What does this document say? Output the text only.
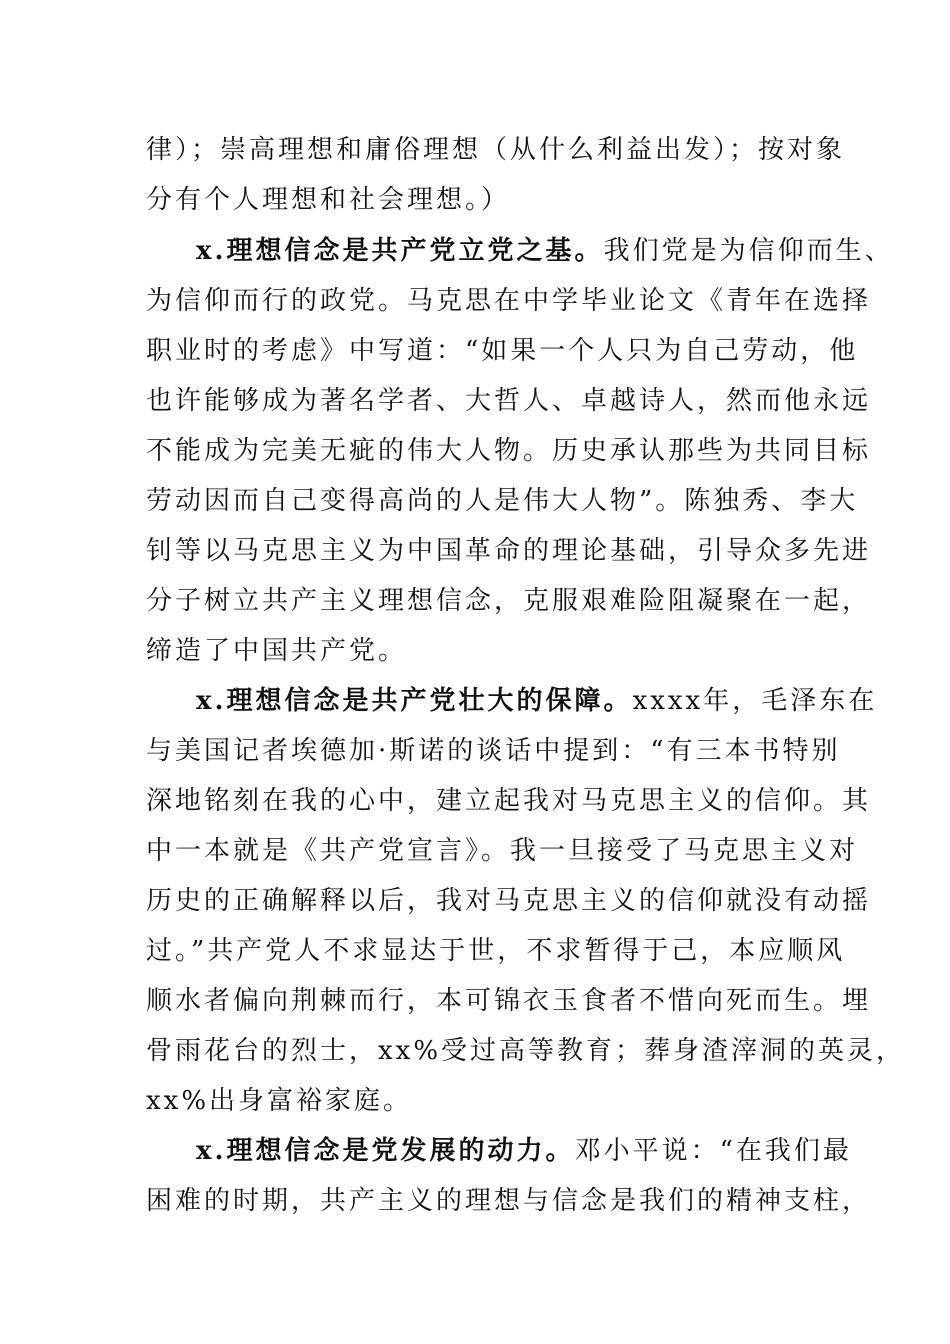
律）；崇高理想和庸俗理想（从什么利益出发）；按对象
分有个人理想和社会理想。）
x.理想信念是共产党立党之基。我们党是为信仰而生、
为信仰而行的政党。马克思在中学毕业论文《青年在选择
职业时的考虑》中写道：“如果一个人只为自己劳动，他
也许能够成为著名学者、大哲人、卓越诗人，然而他永远
不能成为完美无疵的伟大人物。历史承认那些为共同目标
劳动因而自己变得高尚的人是伟大人物”。陈独秀、李大
钊等以马克思主义为中国革命的理论基础，引导众多先进
分子树立共产主义理想信念，克服艰难险阻凝聚在一起，
缔造了中国共产党。
x.理想信念是共产党壮大的保障。xxxx年，毛泽东在
与美国记者埃德加·斯诺的谈话中提到：“有三本书特别
深地铭刻在我的心中，建立起我对马克思主义的信仰。其
中一本就是《共产党宣言》。我一旦接受了马克思主义对
历史的正确解释以后，我对马克思主义的信仰就没有动摇
过。”共产党人不求显达于世，不求暂得于己，本应顺风
顺水者偏向荆棘而行，本可锦衣玉食者不惜向死而生。埋
骨雨花台的烈士，xx%受过高等教育；葬身渣滓洞的英灵，
xx%出身富裕家庭。
x.理想信念是党发展的动力。邓小平说：“在我们最
困难的时期，共产主义的理想与信念是我们的精神支柱，
